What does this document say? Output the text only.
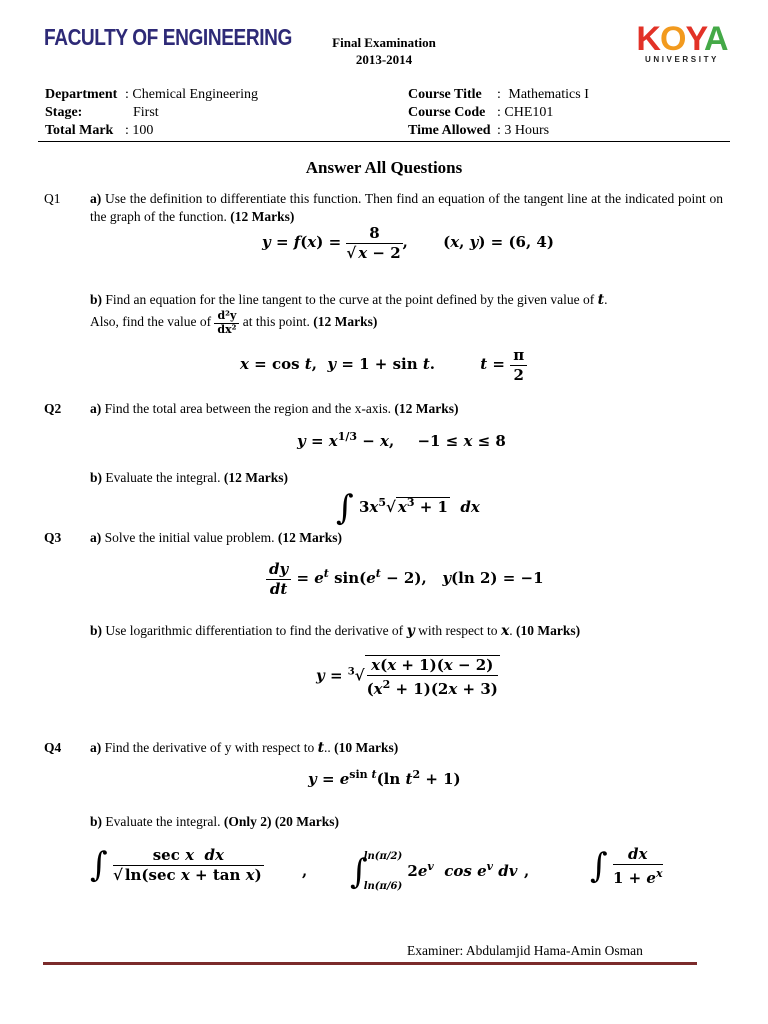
FACULTY OF ENGINEERING	Final Examination
2013-2014
KOYA
UNIVERSITY
Department : Chemical Engineering
Stage:	First
Total Mark : 100
Course Title : Mathematics I
Course Code : CHE101
Time Allowed : 3 Hours
Answer All Questions
Q1 a) Use the definition to differentiate this function. Then find an equation of the tangent line at the indicated point on the graph of the function. (12 Marks)
$y = f(x) = \frac{8}{√ x - 2}$ , (x, y) = (6, 4)
b) Find an equation for the line tangent to the curve at the point defined by the given value of t.
Also, find the value of $\frac{\text{d²y}}{\text{dx²}}$ at this point. (12 Marks)
x = cos t,  y = 1 + sin t.	$t = \frac{\pi}{2}$
Q2 a) Find the total area between the region and the x-axis. (12 Marks)
$y = x^{1/3} - x$, −1 ≤ x ≤ 8
b) Evaluate the integral. (12 Marks)
∫ $3x^5√$ $x^3 + 1$ dx
Q3 a) Solve the initial value problem. (12 Marks)
$\frac{dy}{dt} = e^t$ $\sin(e^t - 2)$,   y(ln 2) = −1
b) Use logarithmic differentiation to find the derivative of y with respect to x. (10 Marks)
$y = ^3√ \frac{x(x + 1)(x - 2)}{(x^2 + 1)(2x + 3)}$
Q4 a) Find the derivative of y with respect to t.. (10 Marks)
$y = e^{sin t}(\ln$ $t^2 + 1$)
b) Evaluate the integral. (Only 2) (20 Marks)
∫ $\frac{\text{sec x dx}}{\text{√ ln(sec x + tan x)}}$	, ∫
ln(π/2)
ln(π/6)
$2e^v$ $\cos e^v$ dv , ∫ $\frac{dx}{1 + e^x}$
Examiner: Abdulamjid Hama-Amin Osman
